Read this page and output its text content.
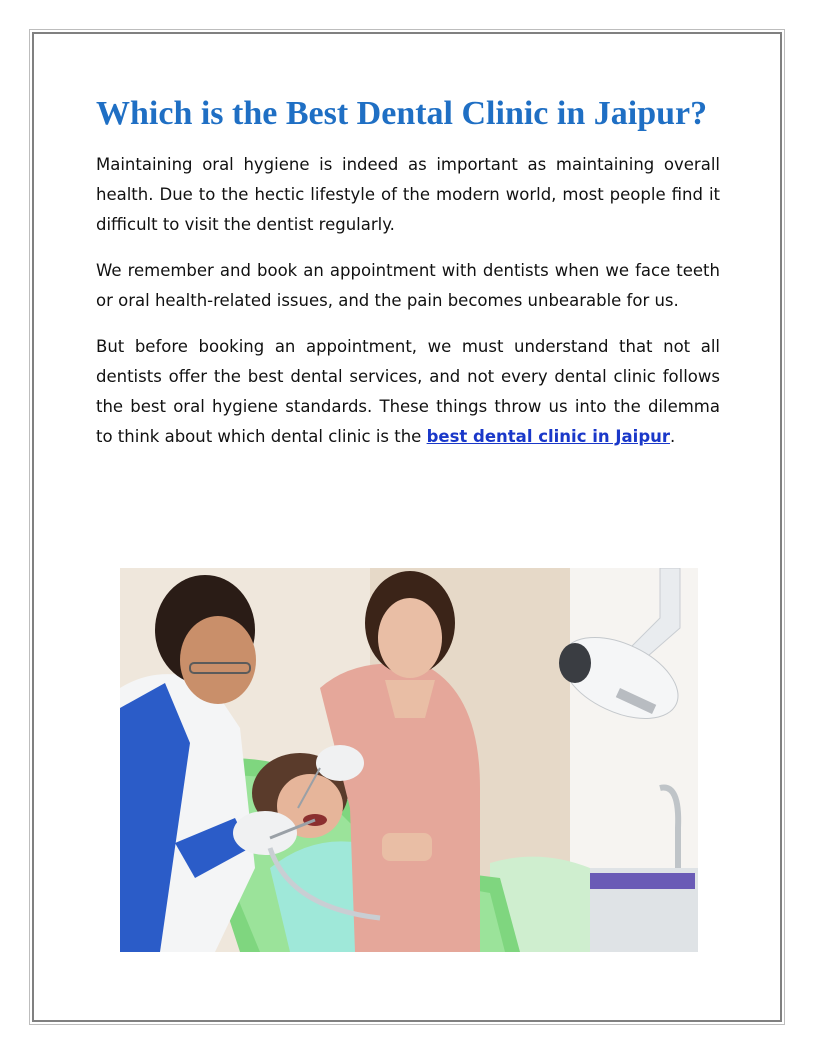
Which is the Best Dental Clinic in Jaipur?

Maintaining oral hygiene is indeed as important as maintaining overall health. Due to the hectic lifestyle of the modern world, most people find it difficult to visit the dentist regularly.

We remember and book an appointment with dentists when we face teeth or oral health-related issues, and the pain becomes unbearable for us.

But before booking an appointment, we must understand that not all dentists offer the best dental services, and not every dental clinic follows the best oral hygiene standards. These things throw us into the dilemma to think about which dental clinic is the best dental clinic in Jaipur.
